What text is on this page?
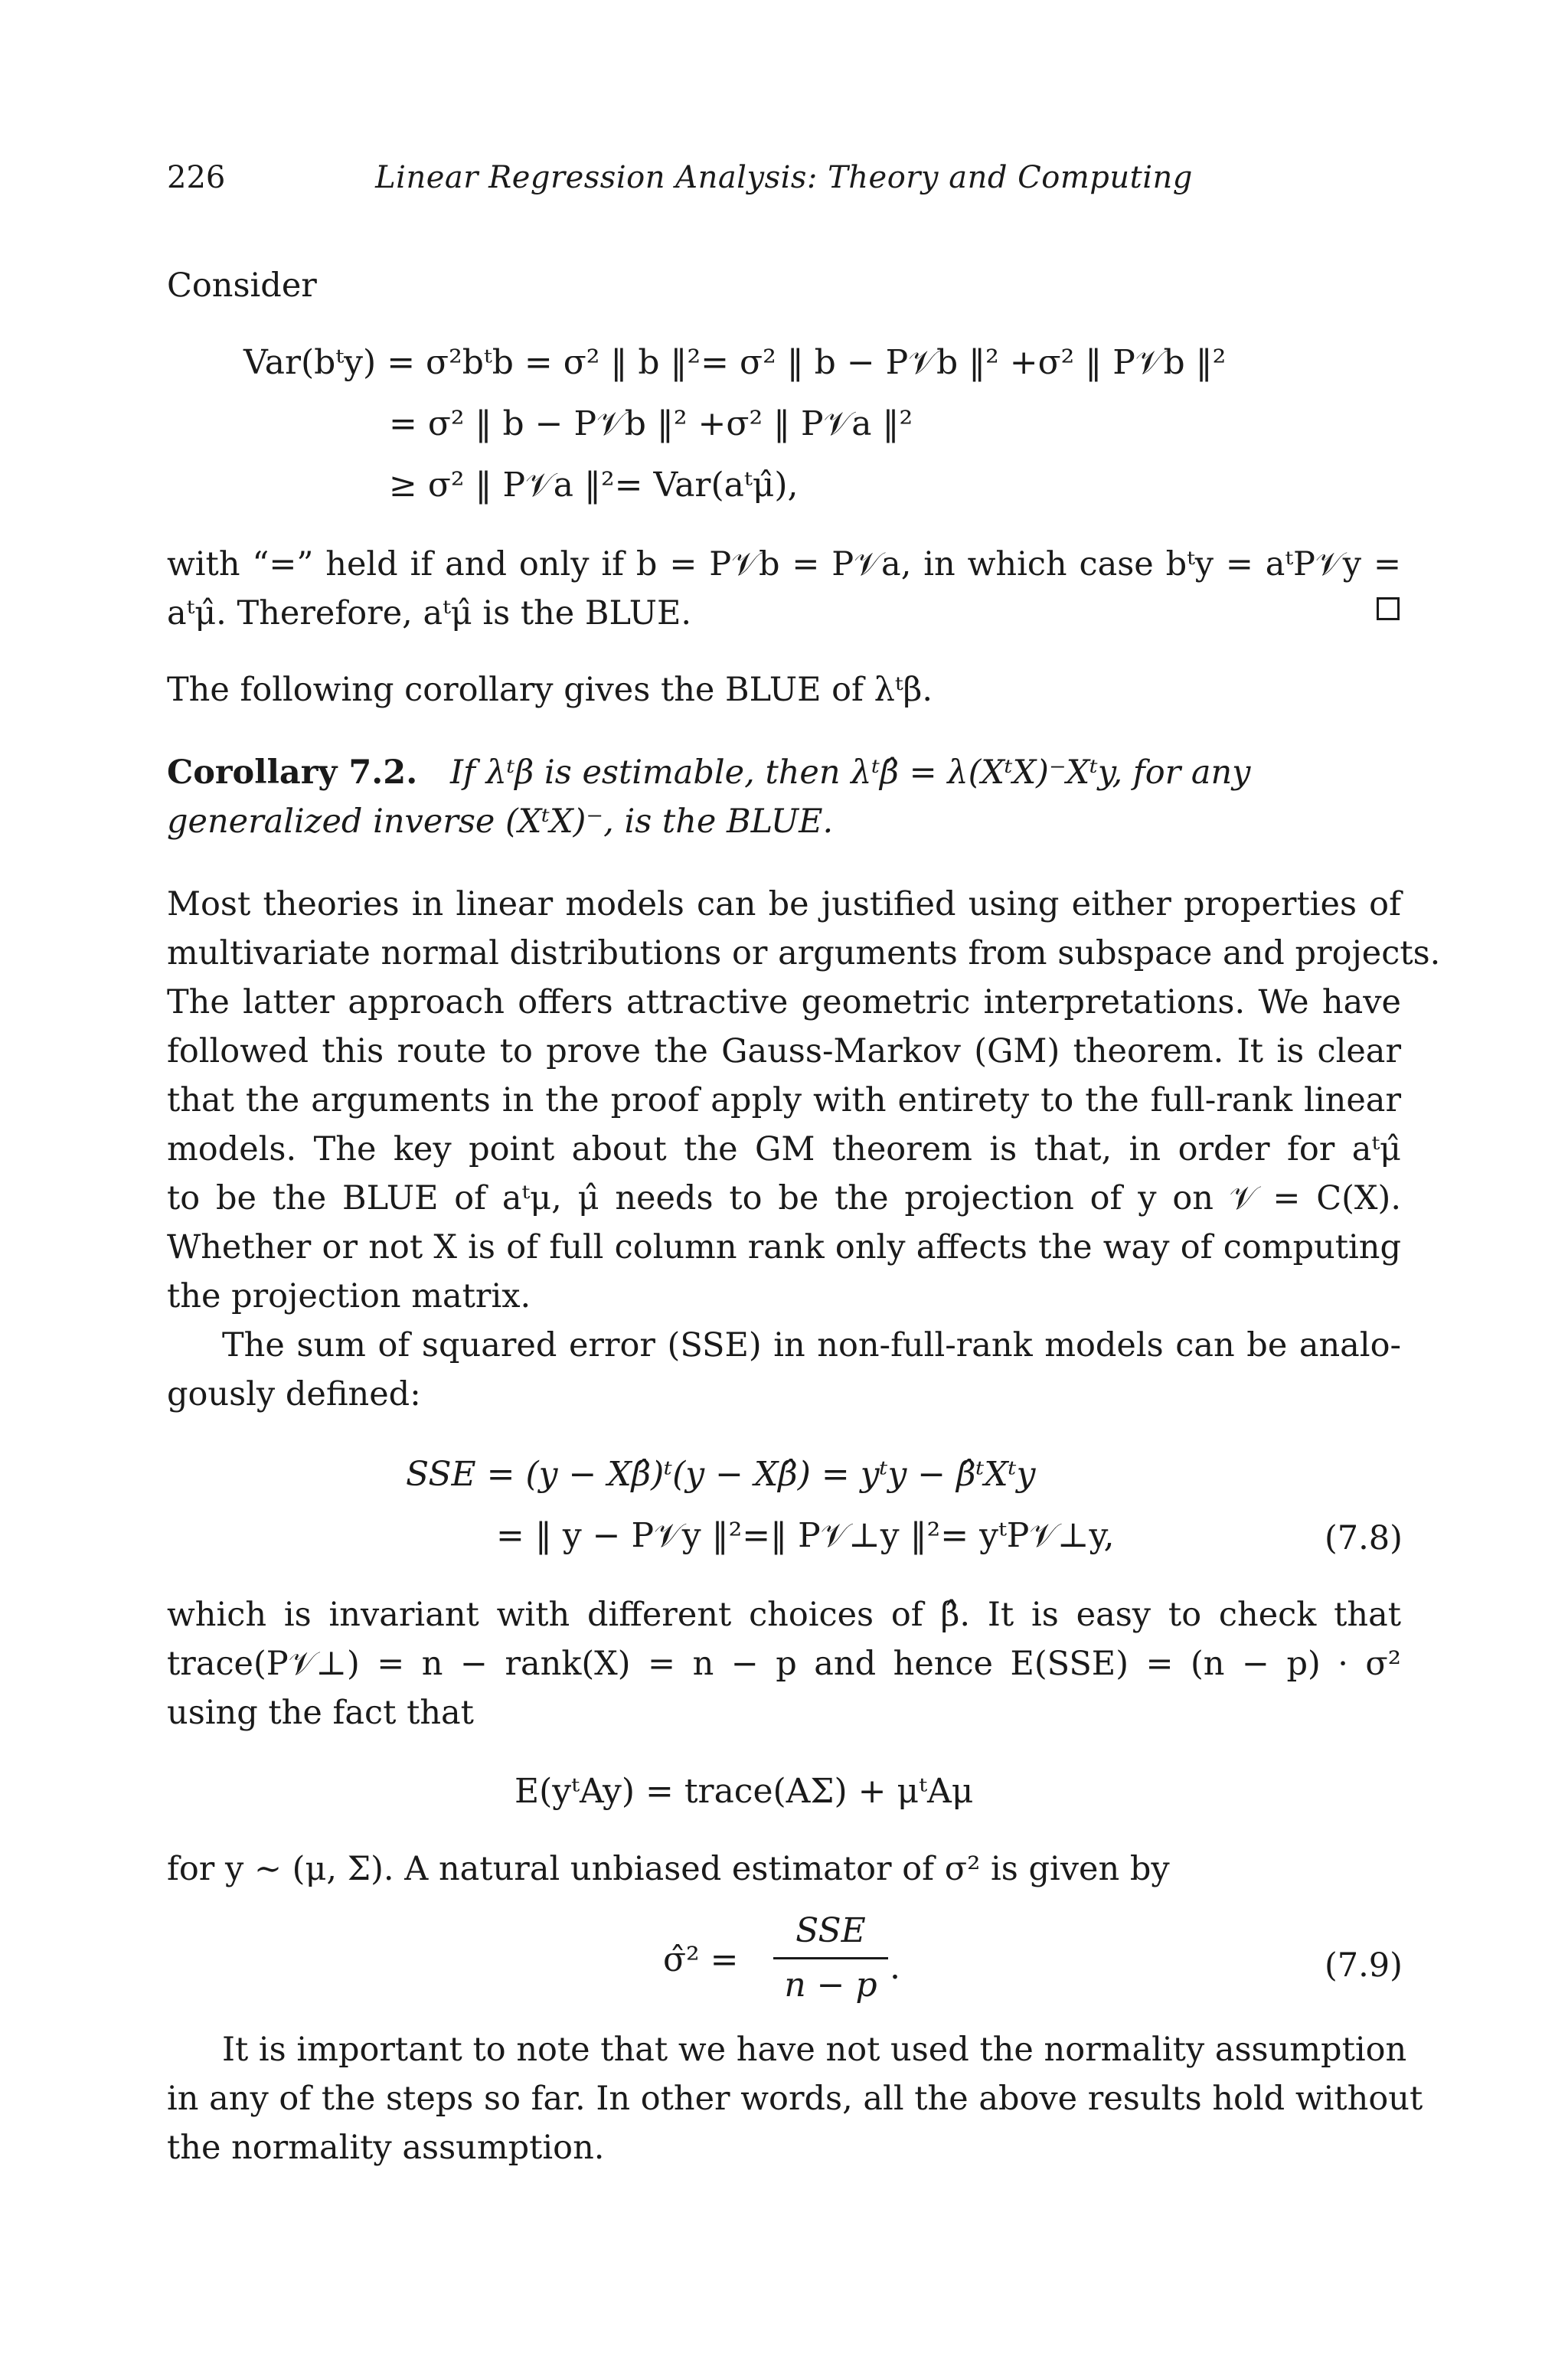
226	Linear Regression Analysis: Theory and Computing
Consider
Var(bᵗy) = σ²bᵗb = σ² ‖ b ‖²= σ² ‖ b − P𝒱b ‖² +σ² ‖ P𝒱b ‖²
= σ² ‖ b − P𝒱b ‖² +σ² ‖ P𝒱a ‖²
≥ σ² ‖ P𝒱a ‖²= Var(aᵗμ̂),
with “=” held if and only if b = P𝒱b = P𝒱a, in which case bᵗy = aᵗP𝒱y =
aᵗμ̂. Therefore, aᵗμ̂ is the BLUE.
The following corollary gives the BLUE of λᵗβ.
Corollary 7.2. If λᵗβ is estimable, then λᵗβ̂ = λ(XᵗX)⁻Xᵗy, for any
generalized inverse (XᵗX)⁻, is the BLUE.
Most theories in linear models can be justified using either properties of
multivariate normal distributions or arguments from subspace and projects.
The latter approach offers attractive geometric interpretations. We have
followed this route to prove the Gauss-Markov (GM) theorem. It is clear
that the arguments in the proof apply with entirety to the full-rank linear
models. The key point about the GM theorem is that, in order for aᵗμ̂
to be the BLUE of aᵗμ, μ̂ needs to be the projection of y on 𝒱 = C(X).
Whether or not X is of full column rank only affects the way of computing
the projection matrix.
The sum of squared error (SSE) in non-full-rank models can be analo-
gously defined:
SSE = (y − Xβ̂)ᵗ(y − Xβ̂) = yᵗy − β̂ᵗXᵗy
= ‖ y − P𝒱y ‖²=‖ P𝒱⊥y ‖²= yᵗP𝒱⊥y,	(7.8)
which is invariant with different choices of β̂. It is easy to check that
trace(P𝒱⊥) = n − rank(X) = n − p and hence E(SSE) = (n − p) · σ²
using the fact that
E(yᵗAy) = trace(AΣ) + μᵗAμ
for y ∼ (μ, Σ). A natural unbiased estimator of σ² is given by
σ̂² =
SSE
n − p .	(7.9)
It is important to note that we have not used the normality assumption
in any of the steps so far. In other words, all the above results hold without
the normality assumption.
